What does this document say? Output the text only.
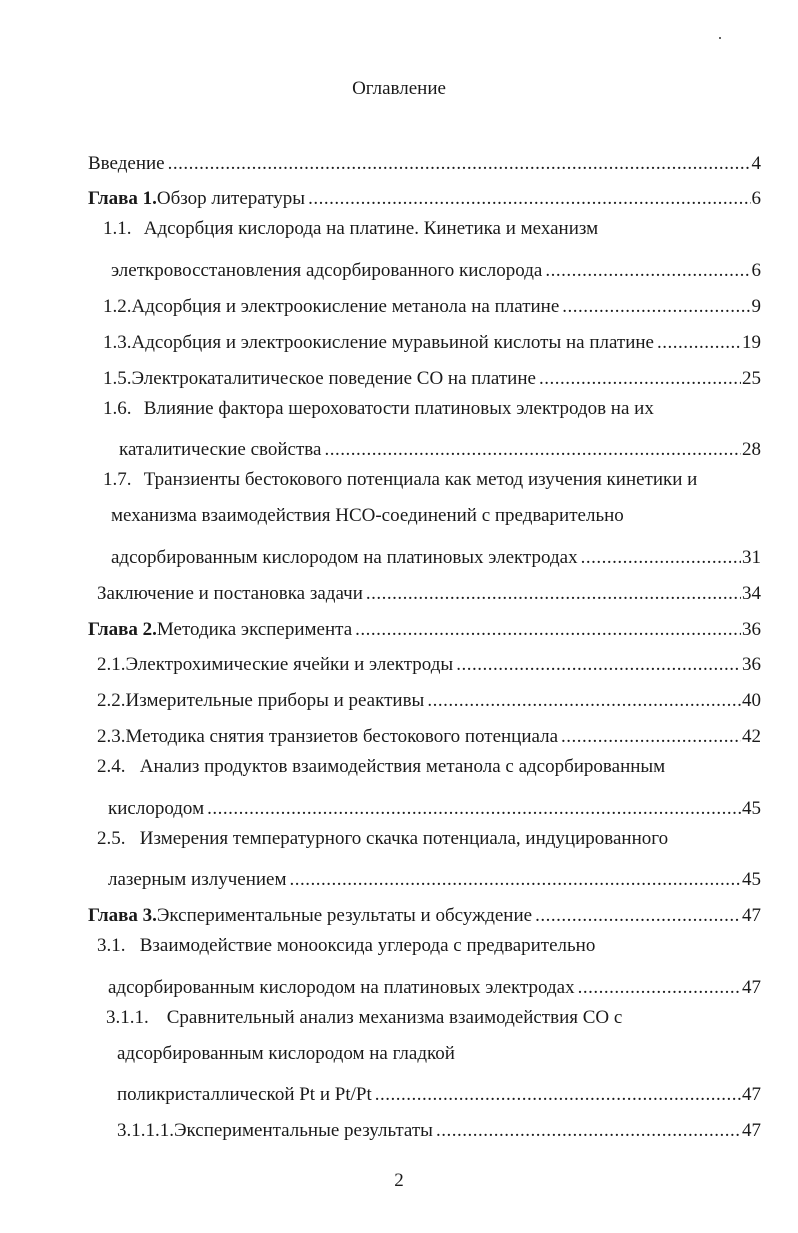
Оглавление
Введение .....	4
Глава 1. Обзор литературы .....	6
1.1. Адсорбция кислорода на платине. Кинетика и механизм
элеткровосстановления адсорбированного кислорода .....	6
1.2. Адсорбция и электроокисление метанола на платине .....	9
1.3. Адсорбция и электроокисление муравьиной кислоты на платине .....	19
1.5. Электрокаталитическое поведение СО на платине .....	25
1.6. Влияние фактора шероховатости платиновых электродов на их
каталитические свойства .....	28
1.7. Транзиенты бестокового потенциала как метод изучения кинетики и
механизма взаимодействия НСО-соединений с предварительно
адсорбированным кислородом на платиновых электродах .....	31
Заключение и постановка задачи .....	34
Глава 2. Методика эксперимента .....	36
2.1. Электрохимические ячейки и электроды .....	36
2.2. Измерительные приборы и реактивы .....	40
2.3. Методика снятия транзиетов бестокового потенциала .....	42
2.4. Анализ продуктов взаимодействия метанола с адсорбированным
кислородом .....	45
2.5. Измерения температурного скачка потенциала, индуцированного
лазерным излучением .....	45
Глава 3. Экспериментальные результаты и обсуждение .....	47
3.1. Взаимодействие монооксида углерода с предварительно
адсорбированным кислородом на платиновых электродах .....	47
3.1.1. Сравнительный анализ механизма взаимодействия СО с
адсорбированным кислородом на гладкой
поликристаллической Pt и Pt/Pt .....	47
3.1.1.1. Экспериментальные результаты .....	47
2
